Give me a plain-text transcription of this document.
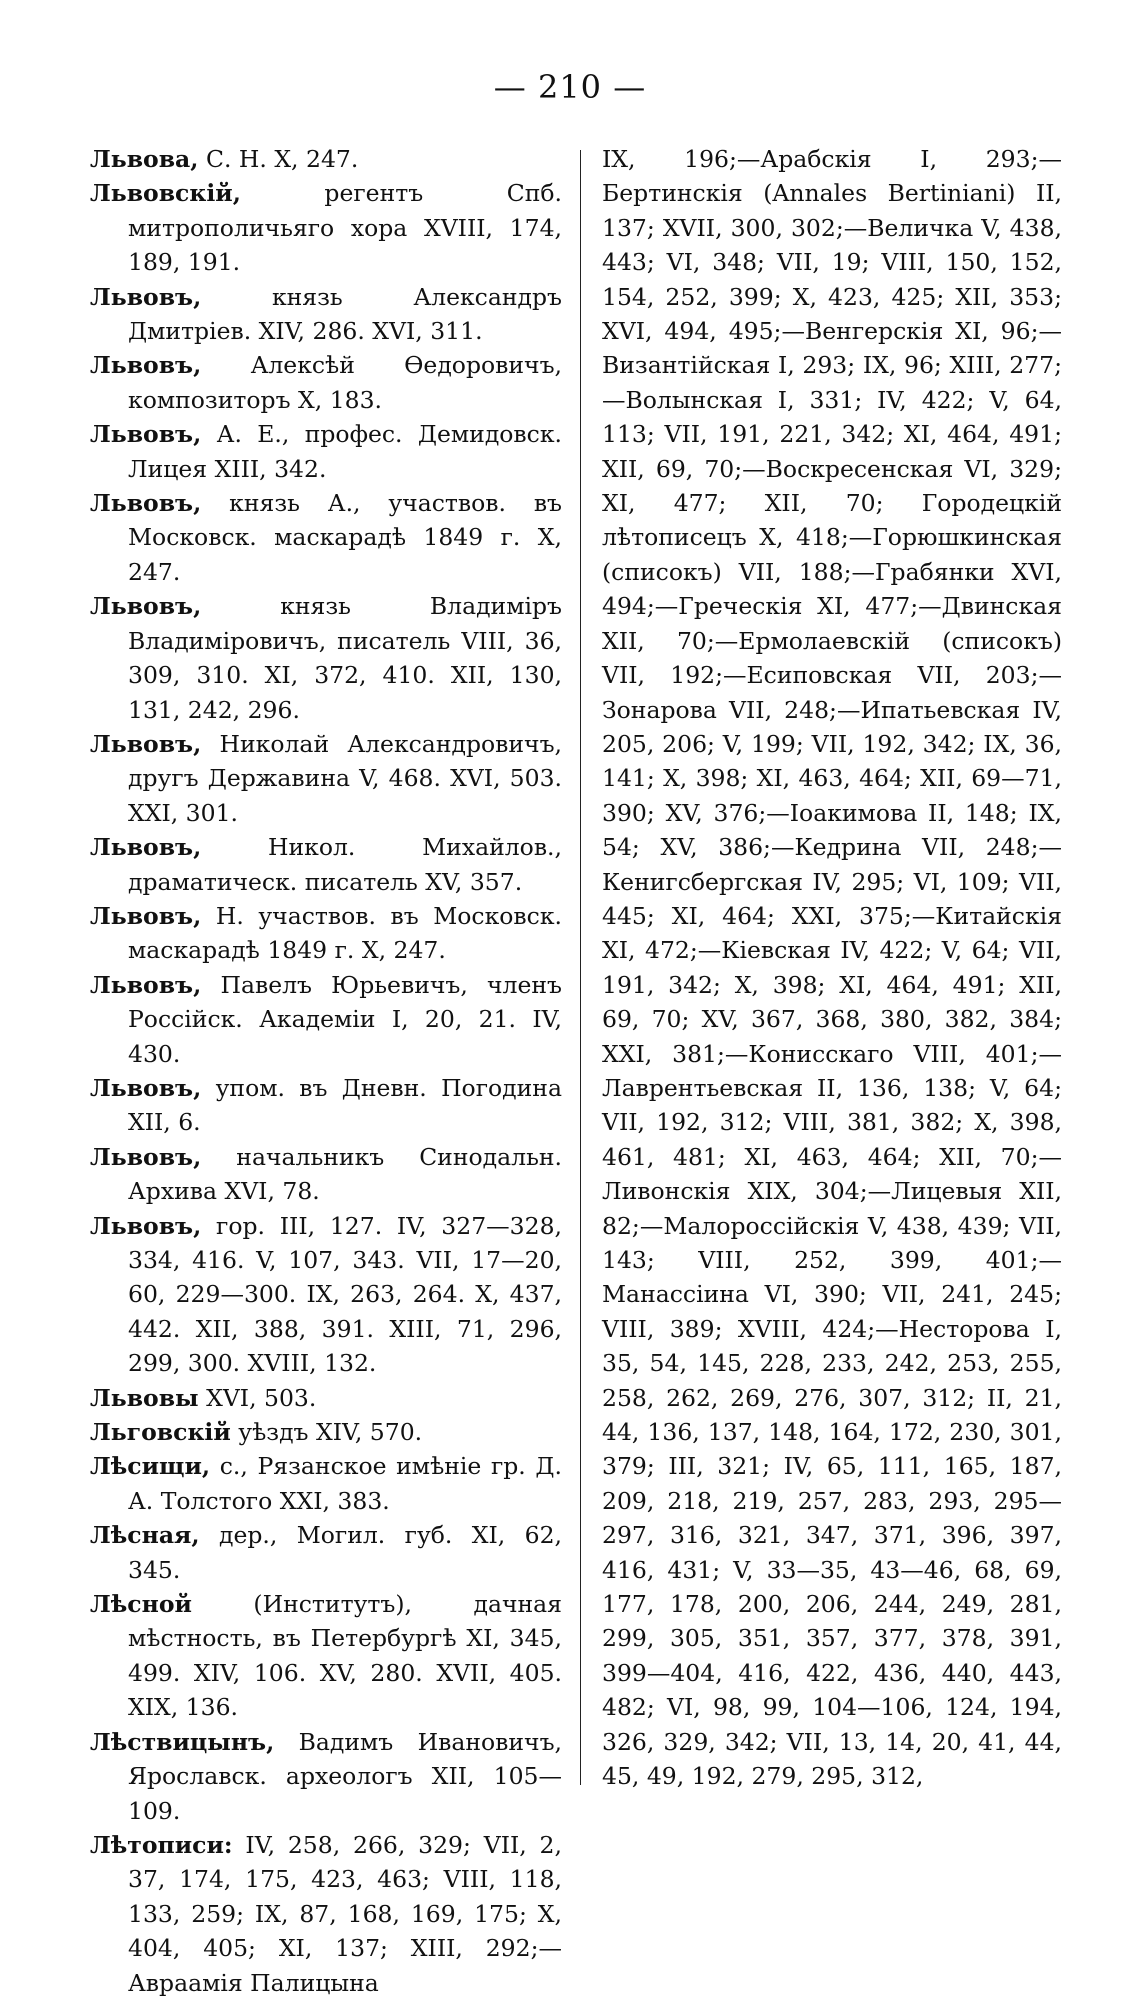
— 210 —
Львова, С. Н. Х, 247.
Львовскій,	регентъ Спб. митрополичьяго хора XVIII, 174, 189, 191.
Львовъ,	князь Александръ Дмитріев. XIV, 286. XVI, 311.
Львовъ, Алексѣй Өедоровичъ, композиторъ Х, 183.
Львовъ, А. Е., профес. Демидовск. Лицея XIII, 342.
Львовъ, князь А., участвов. въ Московск. маскарадѣ 1849 г. Х, 247.
Львовъ,	князь Владиміръ Владиміровичъ, писатель VIII, 36, 309, 310. XI, 372, 410. XII, 130, 131, 242, 296.
Львовъ, Николай Александровичъ, другъ Державина V, 468. XVI, 503. XXI, 301.
Львовъ,	Никол. Михайлов., драматическ. писатель XV, 357.
Львовъ, Н. участвов. въ Московск. маскарадѣ 1849 г. Х, 247.
Львовъ, Павелъ Юрьевичъ, членъ Россійск. Академіи I, 20, 21. IV, 430.
Львовъ, упом. въ Дневн. Погодина XII, 6.
Львовъ, начальникъ Синодальн. Архива XVI, 78.
Львовъ, гор. III, 127. IV, 327—328, 334, 416. V, 107, 343. VII, 17—20, 60, 229—300. IX, 263, 264. X, 437, 442. XII, 388, 391. XIII, 71, 296, 299, 300. XVIII, 132.
Львовы XVI, 503.
Льговскій уѣздъ XIV, 570.
Лѣсищи, с., Рязанское имѣніе гр. Д. А. Толстого XXI, 383.
Лѣсная, дер., Могил. губ. XI, 62, 345.
Лѣсной	(Институтъ), дачная мѣстность, въ Петербургѣ XI, 345, 499. XIV, 106. XV, 280. XVII, 405. XIX, 136.
Лѣствицынъ, Вадимъ Ивановичъ, Ярославск. археологъ XII, 105—109.
Лѣтописи: IV, 258, 266, 329; VII, 2, 37, 174, 175, 423, 463; VIII, 118, 133, 259; IX, 87, 168, 169, 175; X, 404, 405; XI, 137; XIII, 292;—Авраамія Палицына
IX, 196;—Арабскія I, 293;—Бертинскія (Annales Bertiniani) II, 137; XVII, 300, 302;—Величка V, 438, 443; VI, 348; VII, 19; VIII, 150, 152, 154, 252, 399; X, 423, 425; XII, 353; XVI, 494, 495;—Венгерскія XI, 96;—Византійская I, 293; IX, 96; XIII, 277;—Волынская I, 331; IV, 422; V, 64, 113; VII, 191, 221, 342; XI, 464, 491; XII, 69, 70;—Воскресенская VI, 329; XI, 477; XII, 70; Городецкій лѣтописецъ X, 418;—Горюшкинская (списокъ) VII, 188;—Грабянки XVI, 494;—Греческія XI, 477;—Двинская XII, 70;—Ермолаевскій (списокъ) VII, 192;—Есиповская VII, 203;—Зонарова VII, 248;—Ипатьевская IV, 205, 206; V, 199; VII, 192, 342; IX, 36, 141; X, 398; XI, 463, 464; XII, 69—71, 390; XV, 376;—Іоакимова II, 148; IX, 54; XV, 386;—Кедрина VII, 248;—Кенигсбергская IV, 295; VI, 109; VII, 445; XI, 464; XXI, 375;—Китайскія XI, 472;—Кіевская IV, 422; V, 64; VII, 191, 342; X, 398; XI, 464, 491; XII, 69, 70; XV, 367, 368, 380, 382, 384; XXI, 381;—Конисскаго VIII, 401;—Лаврентьевская II, 136, 138; V, 64; VII, 192, 312; VIII, 381, 382; X, 398, 461, 481; XI, 463, 464; XII, 70;—Ливонскія XIX, 304;—Лицевыя XII, 82;—Малороссійскія V, 438, 439; VII, 143; VIII, 252, 399, 401;—Манассіина VI, 390; VII, 241, 245; VIII, 389; XVIII, 424;—Несторова I, 35, 54, 145, 228, 233, 242, 253, 255, 258, 262, 269, 276, 307, 312; II, 21, 44, 136, 137, 148, 164, 172, 230, 301, 379; III, 321; IV, 65, 111, 165, 187, 209, 218, 219, 257, 283, 293, 295—297, 316, 321, 347, 371, 396, 397, 416, 431; V, 33—35, 43—46, 68, 69, 177, 178, 200, 206, 244, 249, 281, 299, 305, 351, 357, 377, 378, 391, 399—404, 416, 422, 436, 440, 443, 482; VI, 98, 99, 104—106, 124, 194, 326, 329, 342; VII, 13, 14, 20, 41, 44, 45, 49, 192, 279, 295, 312,
